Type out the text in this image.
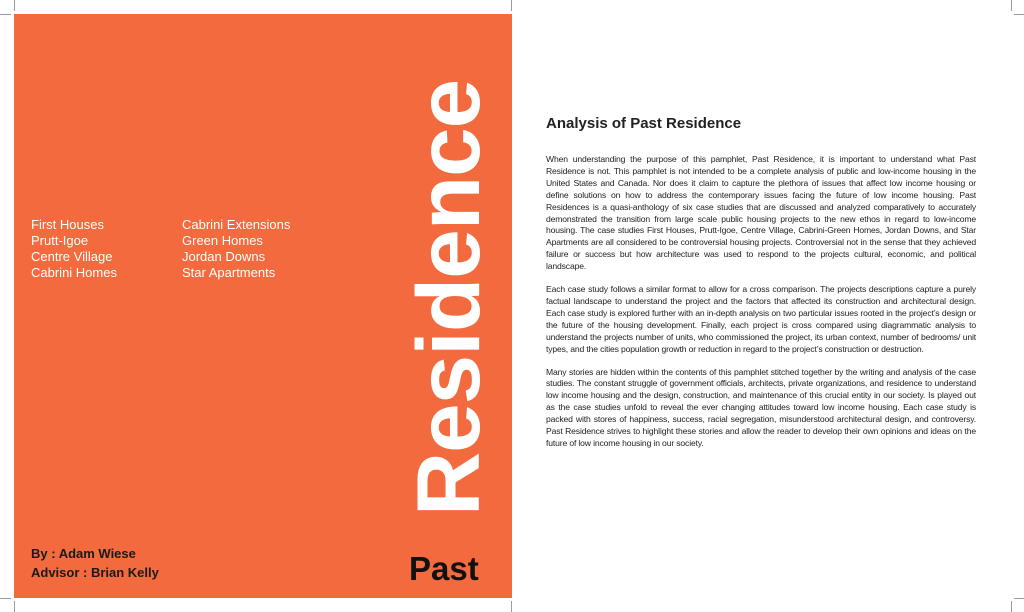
First Houses
Prutt-Igoe
Centre Village
Cabrini Homes
Cabrini Extensions
Green Homes
Jordan Downs
Star Apartments Residence
Past
By : Adam Wiese
Advisor : Brian Kelly
Analysis of Past Residence

When understanding the purpose of this pamphlet, Past Residence, it is important to understand what Past Residence is not. This pamphlet is not intended to be a complete analysis of public and low-income housing in the United States and Canada. Nor does it claim to capture the plethora of issues that affect low income housing or define solutions on how to address the contemporary issues facing the future of low income housing. Past Residences is a quasi-anthology of six case studies that are discussed and analyzed comparatively to accurately demonstrated the transition from large scale public housing projects to the new ethos in regard to low-income housing. The case studies First Houses, Prutt-Igoe, Centre Village, Cabrini-Green Homes, Jordan Downs, and Star Apartments are all considered to be controversial housing projects. Controversial not in the sense that they achieved failure or success but how architecture was used to respond to the projects cultural, economic, and political landscape.

Each case study follows a similar format to allow for a cross comparison. The projects descriptions capture a purely factual landscape to understand the project and the factors that affected its construction and architectural design. Each case study is explored further with an in-depth analysis on two particular issues rooted in the project’s design or the future of the housing development. Finally, each project is cross compared using diagrammatic analysis to understand the projects number of units, who commissioned the project, its urban context, number of bedrooms/ unit types, and the cities population growth or reduction in regard to the project’s construction or destruction.

Many stories are hidden within the contents of this pamphlet stitched together by the writing and analysis of the case studies. The constant struggle of government officials, architects, private organizations, and residence to understand low income housing and the design, construction, and maintenance of this crucial entity in our society. Is played out as the case studies unfold to reveal the ever changing attitudes toward low income housing. Each case study is packed with stores of happiness, success, racial segregation, misunderstood architectural design, and controversy. Past Residence strives to highlight these stories and allow the reader to develop their own opinions and ideas on the future of low income housing in our society.
